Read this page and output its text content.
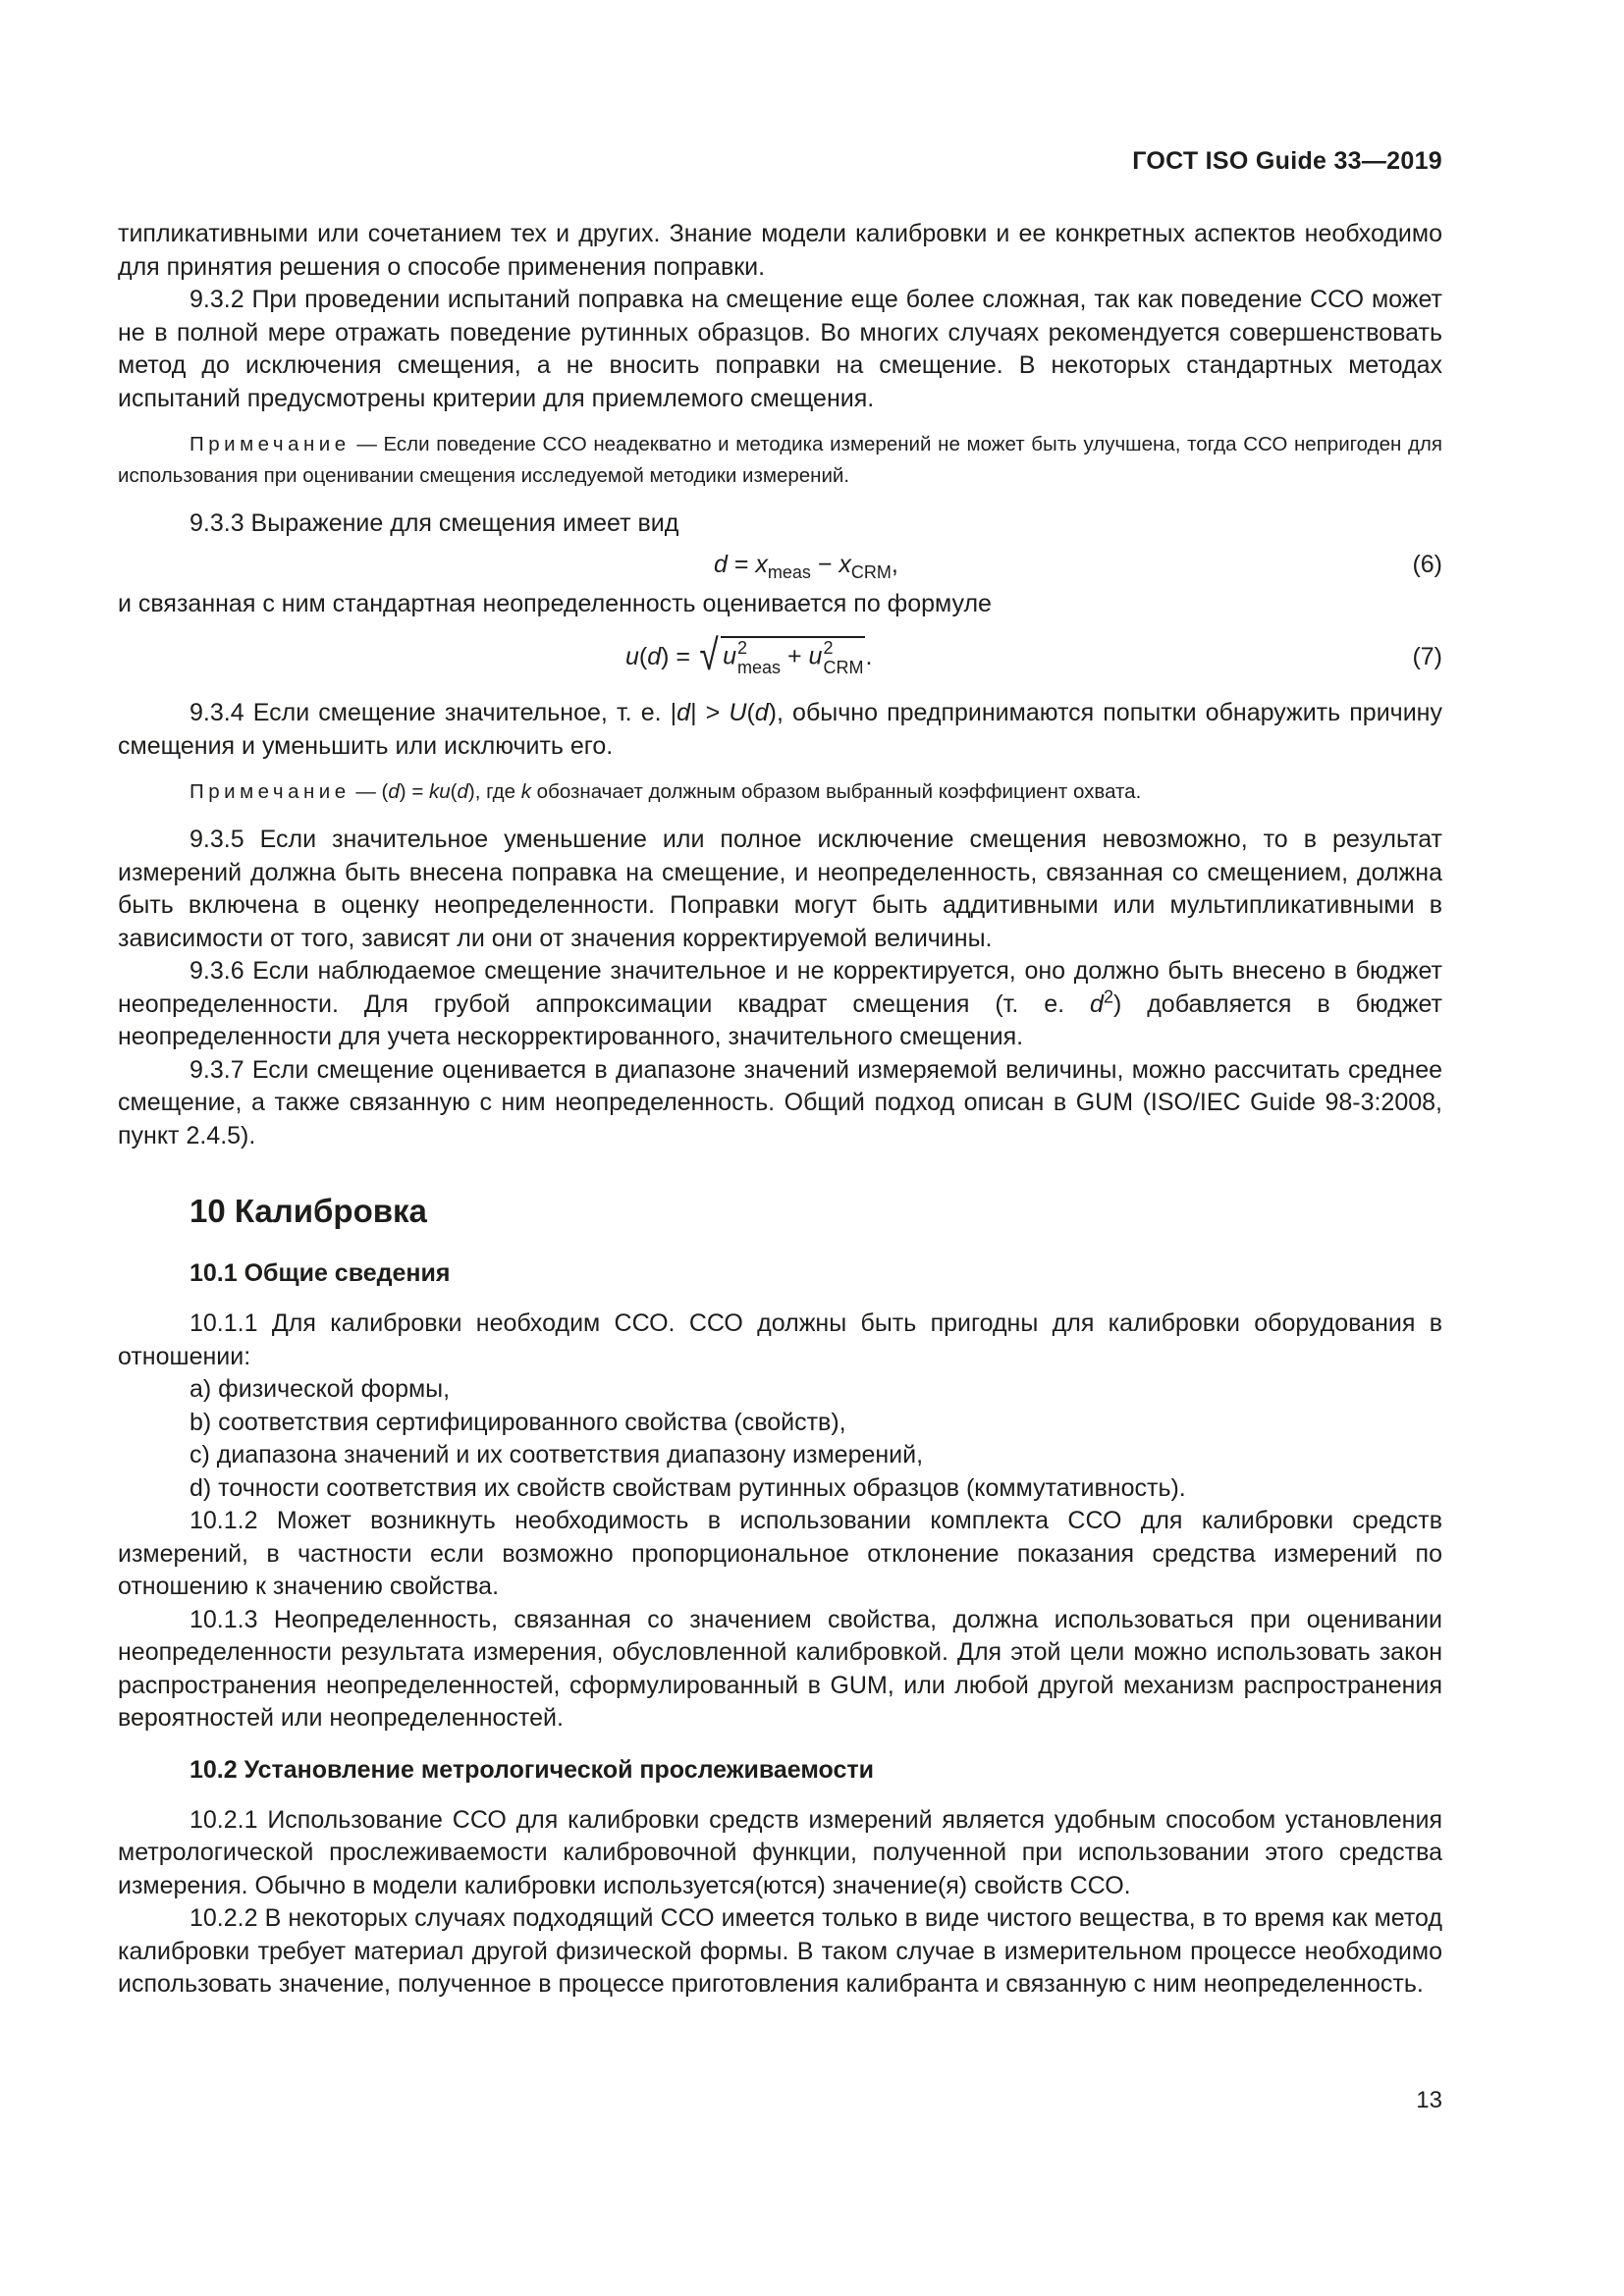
ГОСТ ISO Guide 33—2019

типликативными или сочетанием тех и других. Знание модели калибровки и ее конкретных аспектов необходимо для принятия решения о способе применения поправки.

9.3.2 При проведении испытаний поправка на смещение еще более сложная, так как поведение ССО может не в полной мере отражать поведение рутинных образцов. Во многих случаях рекомендуется совершенствовать метод до исключения смещения, а не вносить поправки на смещение. В некоторых стандартных методах испытаний предусмотрены критерии для приемлемого смещения.

Примечание — Если поведение ССО неадекватно и методика измерений не может быть улучшена, тогда ССО непригоден для использования при оценивании смещения исследуемой методики измерений.

9.3.3 Выражение для смещения имеет вид

$d = x_{meas} - x_{CRM}$,	(6)

и связанная с ним стандартная неопределенность оценивается по формуле

u(d) = √ u 2
meas + u 2
CRM .	(7)

9.3.4 Если смещение значительное, т. е. |d| > U(d), обычно предпринимаются попытки обнаружить причину смещения и уменьшить или исключить его.

Примечание — (d) = ku(d), где k обозначает должным образом выбранный коэффициент охвата.

9.3.5 Если значительное уменьшение или полное исключение смещения невозможно, то в результат измерений должна быть внесена поправка на смещение, и неопределенность, связанная со смещением, должна быть включена в оценку неопределенности. Поправки могут быть аддитивными или мультипликативными в зависимости от того, зависят ли они от значения корректируемой величины.

9.3.6 Если наблюдаемое смещение значительное и не корректируется, оно должно быть внесено в бюджет неопределенности. Для грубой аппроксимации квадрат смещения (т. е. $d^2$) добавляется в бюджет неопределенности для учета нескорректированного, значительного смещения.

9.3.7 Если смещение оценивается в диапазоне значений измеряемой величины, можно рассчитать среднее смещение, а также связанную с ним неопределенность. Общий подход описан в GUM (ISO/IEC Guide 98-3:2008, пункт 2.4.5).

10 Калибровка
10.1 Общие сведения

10.1.1 Для калибровки необходим ССО. ССО должны быть пригодны для калибровки оборудования в отношении:

a) физической формы,
b) соответствия сертифицированного свойства (свойств),
c) диапазона значений и их соответствия диапазону измерений,
d) точности соответствия их свойств свойствам рутинных образцов (коммутативность).

10.1.2 Может возникнуть необходимость в использовании комплекта ССО для калибровки средств измерений, в частности если возможно пропорциональное отклонение показания средства измерений по отношению к значению свойства.

10.1.3 Неопределенность, связанная со значением свойства, должна использоваться при оценивании неопределенности результата измерения, обусловленной калибровкой. Для этой цели можно использовать закон распространения неопределенностей, сформулированный в GUM, или любой другой механизм распространения вероятностей или неопределенностей.

10.2 Установление метрологической прослеживаемости

10.2.1 Использование ССО для калибровки средств измерений является удобным способом установления метрологической прослеживаемости калибровочной функции, полученной при использовании этого средства измерения. Обычно в модели калибровки используется(ются) значение(я) свойств ССО.

10.2.2 В некоторых случаях подходящий ССО имеется только в виде чистого вещества, в то время как метод калибровки требует материал другой физической формы. В таком случае в измерительном процессе необходимо использовать значение, полученное в процессе приготовления калибранта и связанную с ним неопределенность.

13
